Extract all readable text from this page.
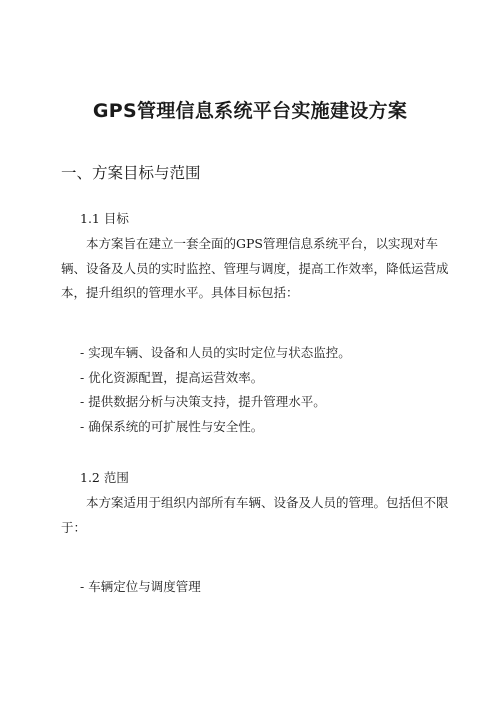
GPS管理信息系统平台实施建设方案
一、方案目标与范围
1.1 目标

本方案旨在建立一套全面的GPS管理信息系统平台，以实现对车辆、设备及人员的实时监控、管理与调度，提高工作效率，降低运营成本，提升组织的管理水平。具体目标包括：

- 实现车辆、设备和人员的实时定位与状态监控。
- 优化资源配置，提高运营效率。
- 提供数据分析与决策支持，提升管理水平。
- 确保系统的可扩展性与安全性。
1.2 范围

本方案适用于组织内部所有车辆、设备及人员的管理。包括但不限于：

- 车辆定位与调度管理
